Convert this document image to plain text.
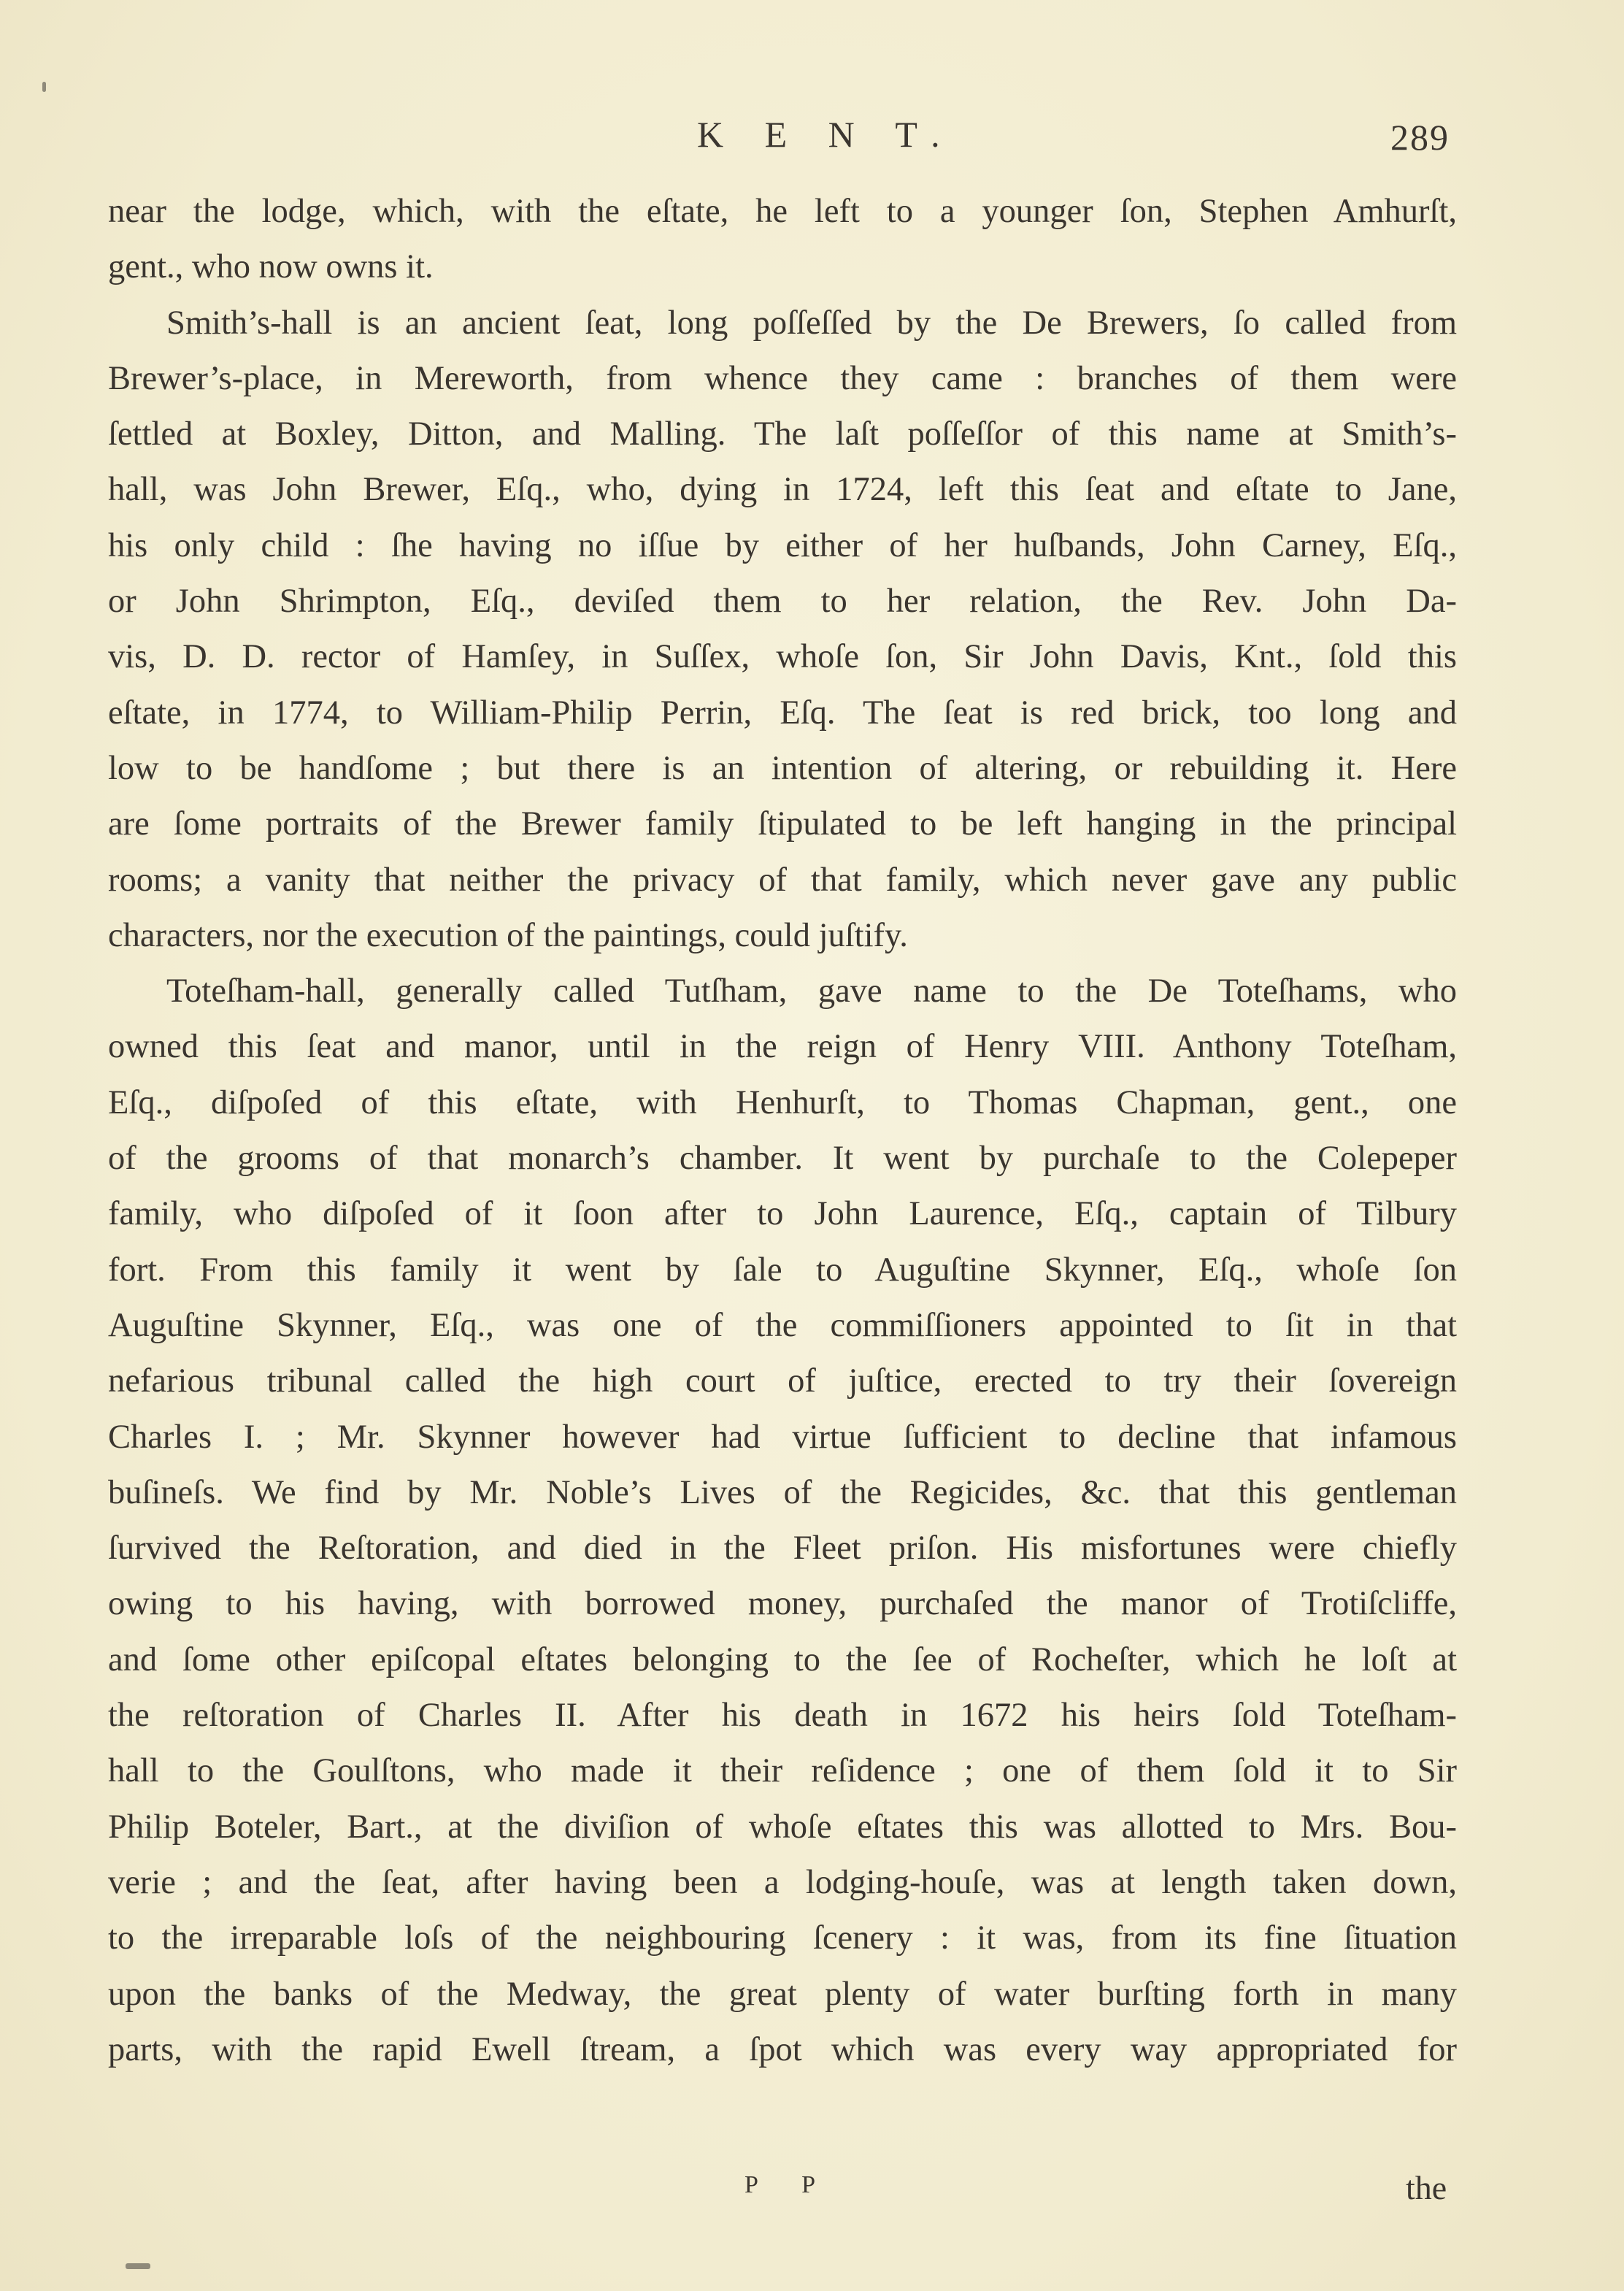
K E N T.	289
near the lodge, which, with the eſtate, he left to a younger ſon, Stephen Amhurſt,
gent., who now owns it.
Smith’s-hall is an ancient ſeat, long poſſeſſed by the De Brewers, ſo called from
Brewer’s-place, in Mereworth, from whence they came : branches of them were
ſettled at Boxley, Ditton, and Malling. The laſt poſſeſſor of this name at Smith’s-
hall, was John Brewer, Eſq., who, dying in 1724, left this ſeat and eſtate to Jane,
his only child : ſhe having no iſſue by either of her huſbands, John Carney, Eſq.,
or John Shrimpton, Eſq., deviſed them to her relation, the Rev. John Da-
vis, D. D. rector of Hamſey, in Suſſex, whoſe ſon, Sir John Davis, Knt., ſold this
eſtate, in 1774, to William-Philip Perrin, Eſq. The ſeat is red brick, too long and
low to be handſome ; but there is an intention of altering, or rebuilding it. Here
are ſome portraits of the Brewer family ſtipulated to be left hanging in the principal
rooms; a vanity that neither the privacy of that family, which never gave any public
characters, nor the execution of the paintings, could juſtify.
Toteſham-hall, generally called Tutſham, gave name to the De Toteſhams, who
owned this ſeat and manor, until in the reign of Henry VIII. Anthony Toteſham,
Eſq., diſpoſed of this eſtate, with Henhurſt, to Thomas Chapman, gent., one
of the grooms of that monarch’s chamber. It went by purchaſe to the Colepeper
family, who diſpoſed of it ſoon after to John Laurence, Eſq., captain of Tilbury
fort. From this family it went by ſale to Auguſtine Skynner, Eſq., whoſe ſon
Auguſtine Skynner, Eſq., was one of the commiſſioners appointed to ſit in that
nefarious tribunal called the high court of juſtice, erected to try their ſovereign
Charles I. ; Mr. Skynner however had virtue ſufficient to decline that infamous
buſineſs. We find by Mr. Noble’s Lives of the Regicides, &c. that this gentleman
ſurvived the Reſtoration, and died in the Fleet priſon. His misfortunes were chiefly
owing to his having, with borrowed money, purchaſed the manor of Trotiſcliffe,
and ſome other epiſcopal eſtates belonging to the ſee of Rocheſter, which he loſt at
the reſtoration of Charles II. After his death in 1672 his heirs ſold Toteſham-
hall to the Goulſtons, who made it their reſidence ; one of them ſold it to Sir
Philip Boteler, Bart., at the diviſion of whoſe eſtates this was allotted to Mrs. Bou-
verie ; and the ſeat, after having been a lodging-houſe, was at length taken down,
to the irreparable loſs of the neighbouring ſcenery : it was, from its fine ſituation
upon the banks of the Medway, the great plenty of water burſting forth in many
parts, with the rapid Ewell ſtream, a ſpot which was every way appropriated for
P P	the
